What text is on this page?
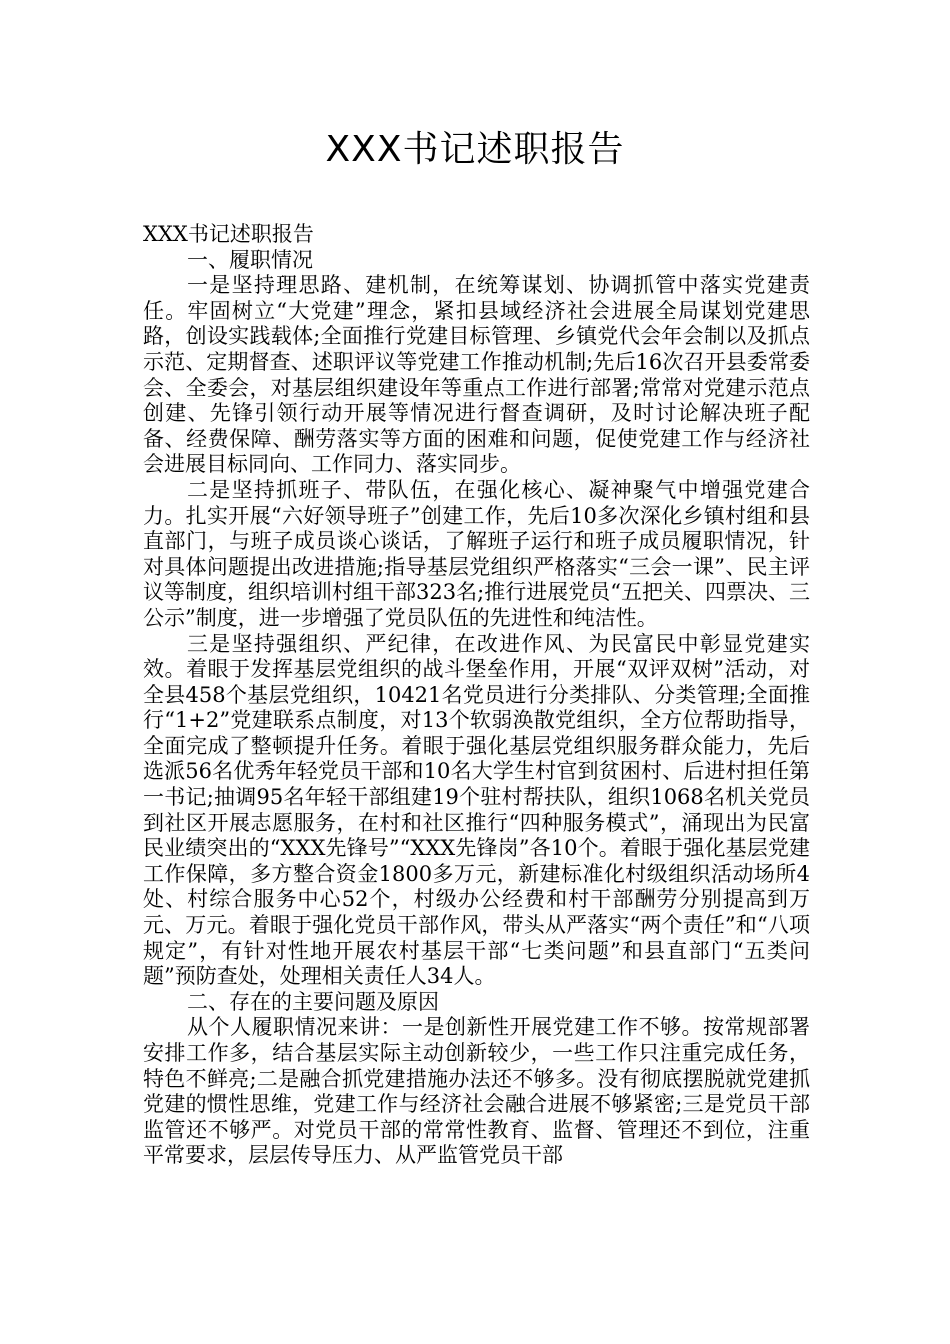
XXX书记述职报告

XXX书记述职报告

一、履职情况

一是坚持理思路、建机制，在统筹谋划、协调抓管中落实党建责任。牢固树立“大党建”理念，紧扣县域经济社会进展全局谋划党建思路，创设实践载体;全面推行党建目标管理、乡镇党代会年会制以及抓点示范、定期督查、述职评议等党建工作推动机制;先后16次召开县委常委会、全委会，对基层组织建设年等重点工作进行部署;常常对党建示范点创建、先锋引领行动开展等情况进行督查调研，及时讨论解决班子配备、经费保障、酬劳落实等方面的困难和问题，促使党建工作与经济社会进展目标同向、工作同力、落实同步。

二是坚持抓班子、带队伍，在强化核心、凝神聚气中增强党建合力。扎实开展“六好领导班子”创建工作，先后10多次深化乡镇村组和县直部门，与班子成员谈心谈话，了解班子运行和班子成员履职情况，针对具体问题提出改进措施;指导基层党组织严格落实“三会一课”、民主评议等制度，组织培训村组干部323名;推行进展党员“五把关、四票决、三公示”制度，进一步增强了党员队伍的先进性和纯洁性。

三是坚持强组织、严纪律，在改进作风、为民富民中彰显党建实效。着眼于发挥基层党组织的战斗堡垒作用，开展“双评双树”活动，对全县458个基层党组织，10421名党员进行分类排队、分类管理;全面推行“1+2”党建联系点制度，对13个软弱涣散党组织，全方位帮助指导，全面完成了整顿提升任务。着眼于强化基层党组织服务群众能力，先后选派56名优秀年轻党员干部和10名大学生村官到贫困村、后进村担任第一书记;抽调95名年轻干部组建19个驻村帮扶队，组织1068名机关党员到社区开展志愿服务，在村和社区推行“四种服务模式”，涌现出为民富民业绩突出的“XXX先锋号”“XXX先锋岗”各10个。着眼于强化基层党建工作保障，多方整合资金1800多万元，新建标准化村级组织活动场所4处、村综合服务中心52个，村级办公经费和村干部酬劳分别提高到万元、万元。着眼于强化党员干部作风，带头从严落实“两个责任”和“八项规定”，有针对性地开展农村基层干部“七类问题”和县直部门“五类问题”预防查处，处理相关责任人34人。

二、存在的主要问题及原因

从个人履职情况来讲：一是创新性开展党建工作不够。按常规部署安排工作多，结合基层实际主动创新较少，一些工作只注重完成任务，特色不鲜亮;二是融合抓党建措施办法还不够多。没有彻底摆脱就党建抓党建的惯性思维，党建工作与经济社会融合进展不够紧密;三是党员干部监管还不够严。对党员干部的常常性教育、监督、管理还不到位，注重平常要求，层层传导压力、从严监管党员干部
